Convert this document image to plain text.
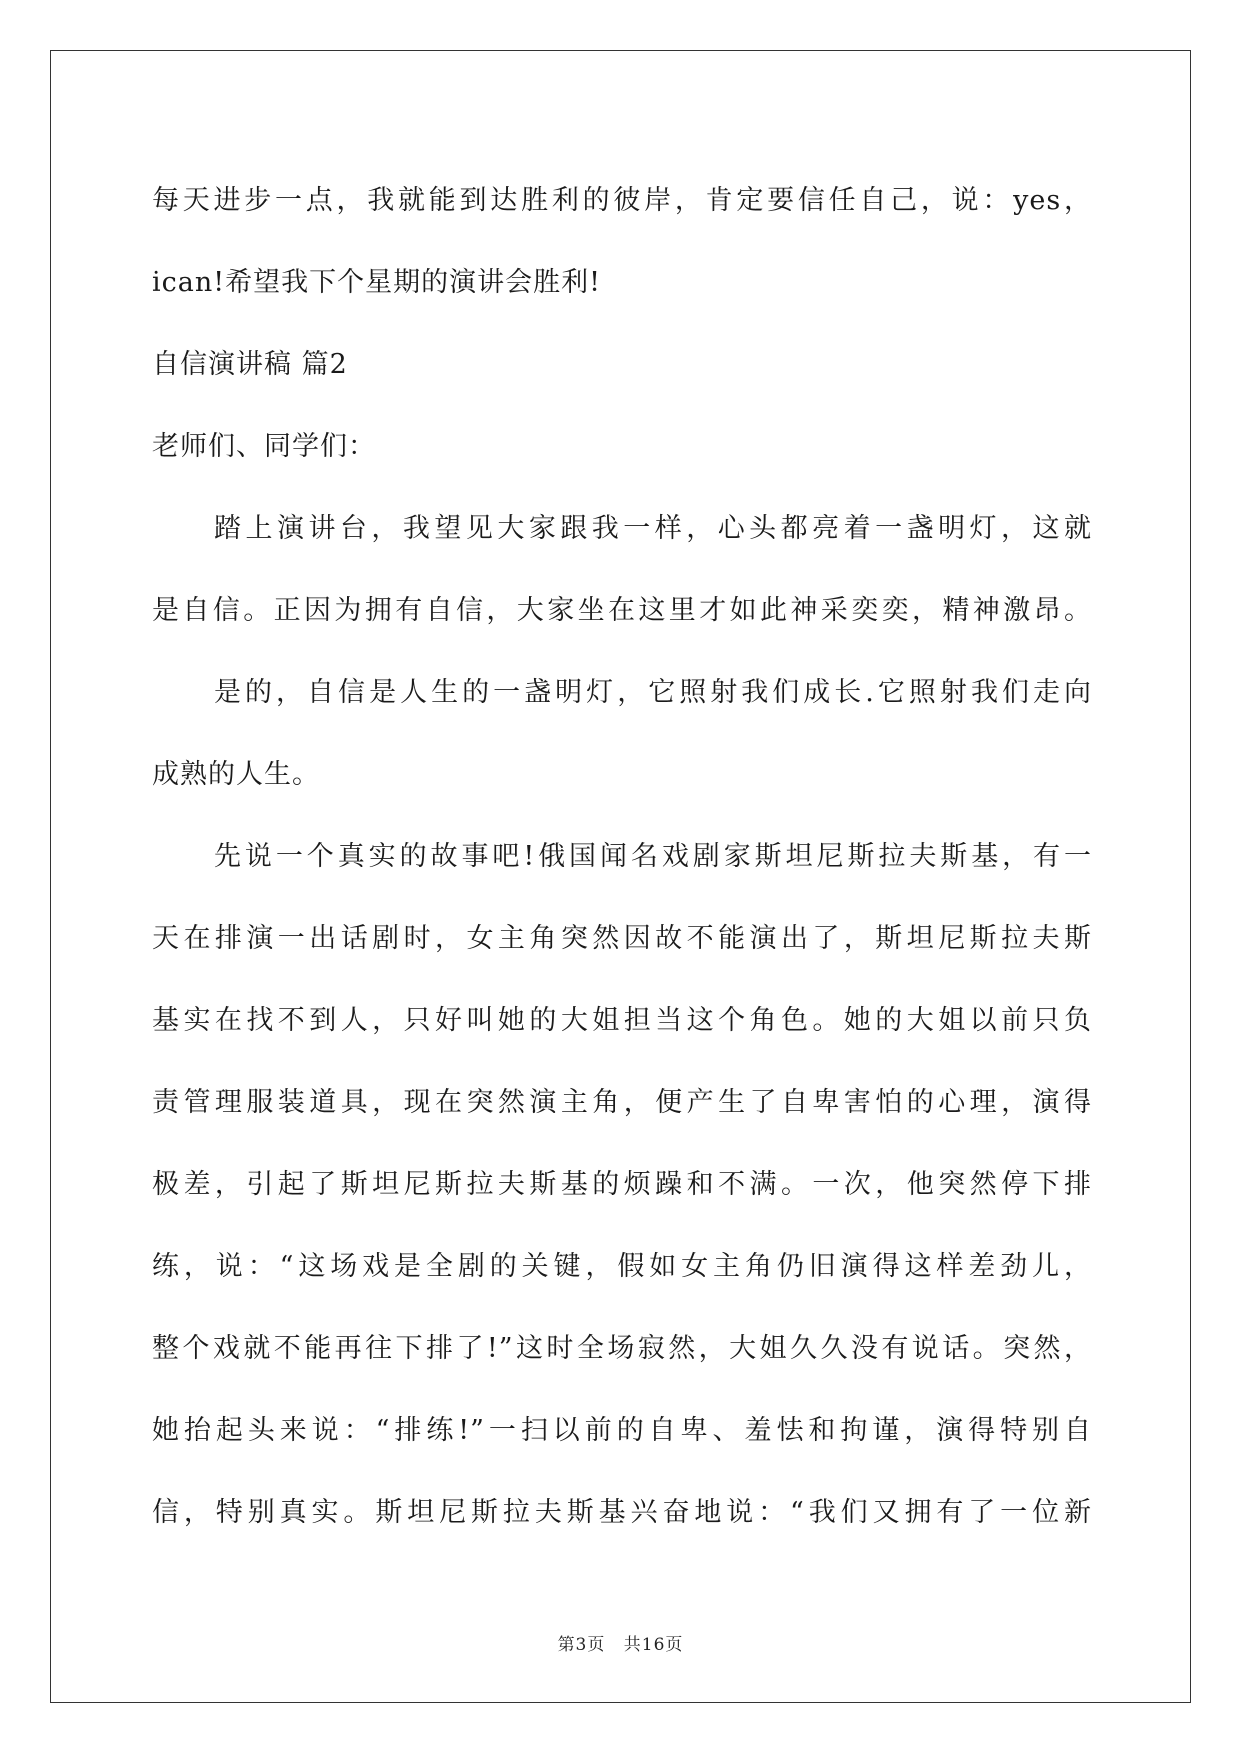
每天进步一点，我就能到达胜利的彼岸，肯定要信任自己，说：yes，
ican!希望我下个星期的演讲会胜利!
自信演讲稿 篇2
老师们、同学们：
踏上演讲台，我望见大家跟我一样，心头都亮着一盏明灯，这就
是自信。正因为拥有自信，大家坐在这里才如此神采奕奕，精神激昂。
是的，自信是人生的一盏明灯，它照射我们成长.它照射我们走向
成熟的人生。
先说一个真实的故事吧!俄国闻名戏剧家斯坦尼斯拉夫斯基，有一
天在排演一出话剧时，女主角突然因故不能演出了，斯坦尼斯拉夫斯
基实在找不到人，只好叫她的大姐担当这个角色。她的大姐以前只负
责管理服装道具，现在突然演主角，便产生了自卑害怕的心理，演得
极差，引起了斯坦尼斯拉夫斯基的烦躁和不满。一次，他突然停下排
练，说：“这场戏是全剧的关键，假如女主角仍旧演得这样差劲儿，
整个戏就不能再往下排了!”这时全场寂然，大姐久久没有说话。突然，
她抬起头来说：“排练!”一扫以前的自卑、羞怯和拘谨，演得特别自
信，特别真实。斯坦尼斯拉夫斯基兴奋地说：“我们又拥有了一位新
第3页 共16页
